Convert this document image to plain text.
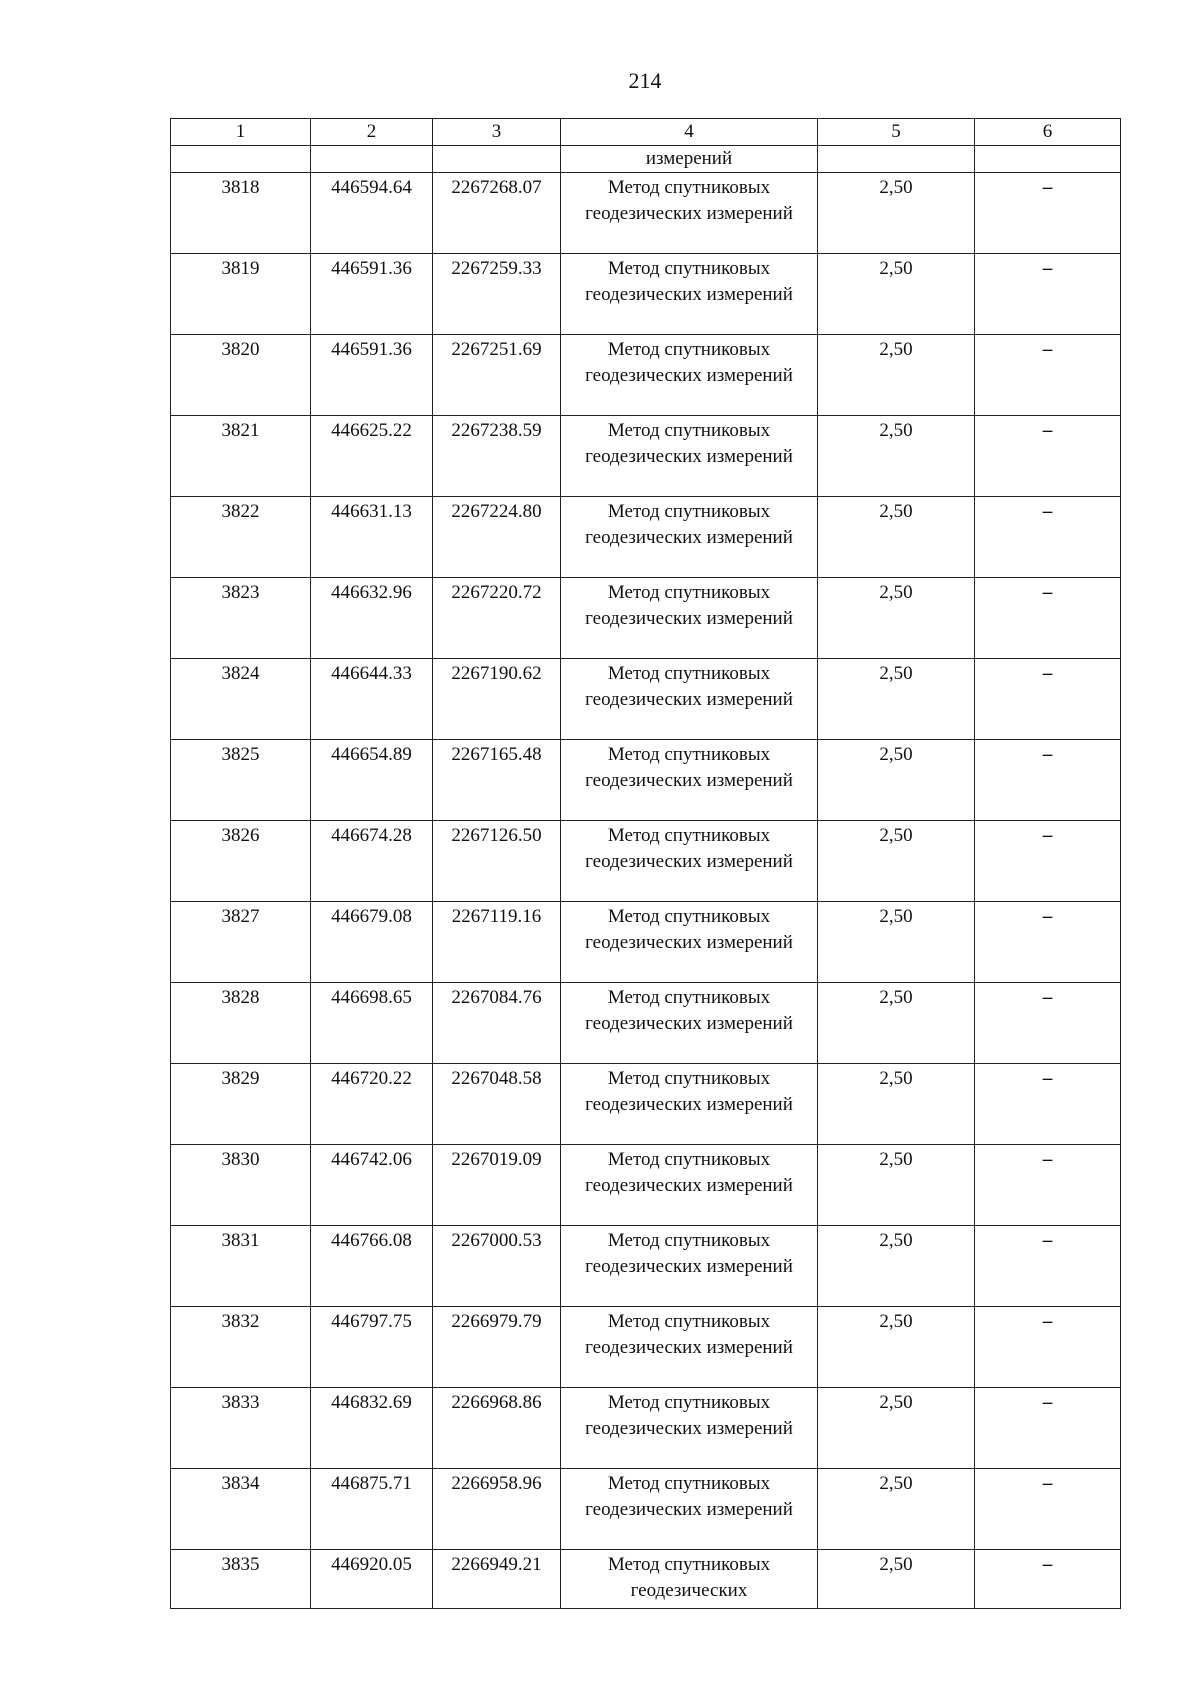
214
1	2	3	4	5	6
			измерений		
3818	446594.64	2267268.07	Метод спутниковых геодезических измерений	2,50	–
3819	446591.36	2267259.33	Метод спутниковых геодезических измерений	2,50	–
3820	446591.36	2267251.69	Метод спутниковых геодезических измерений	2,50	–
3821	446625.22	2267238.59	Метод спутниковых геодезических измерений	2,50	–
3822	446631.13	2267224.80	Метод спутниковых геодезических измерений	2,50	–
3823	446632.96	2267220.72	Метод спутниковых геодезических измерений	2,50	–
3824	446644.33	2267190.62	Метод спутниковых геодезических измерений	2,50	–
3825	446654.89	2267165.48	Метод спутниковых геодезических измерений	2,50	–
3826	446674.28	2267126.50	Метод спутниковых геодезических измерений	2,50	–
3827	446679.08	2267119.16	Метод спутниковых геодезических измерений	2,50	–
3828	446698.65	2267084.76	Метод спутниковых геодезических измерений	2,50	–
3829	446720.22	2267048.58	Метод спутниковых геодезических измерений	2,50	–
3830	446742.06	2267019.09	Метод спутниковых геодезических измерений	2,50	–
3831	446766.08	2267000.53	Метод спутниковых геодезических измерений	2,50	–
3832	446797.75	2266979.79	Метод спутниковых геодезических измерений	2,50	–
3833	446832.69	2266968.86	Метод спутниковых геодезических измерений	2,50	–
3834	446875.71	2266958.96	Метод спутниковых геодезических измерений	2,50	–
3835	446920.05	2266949.21	Метод спутниковых геодезических	2,50	–
